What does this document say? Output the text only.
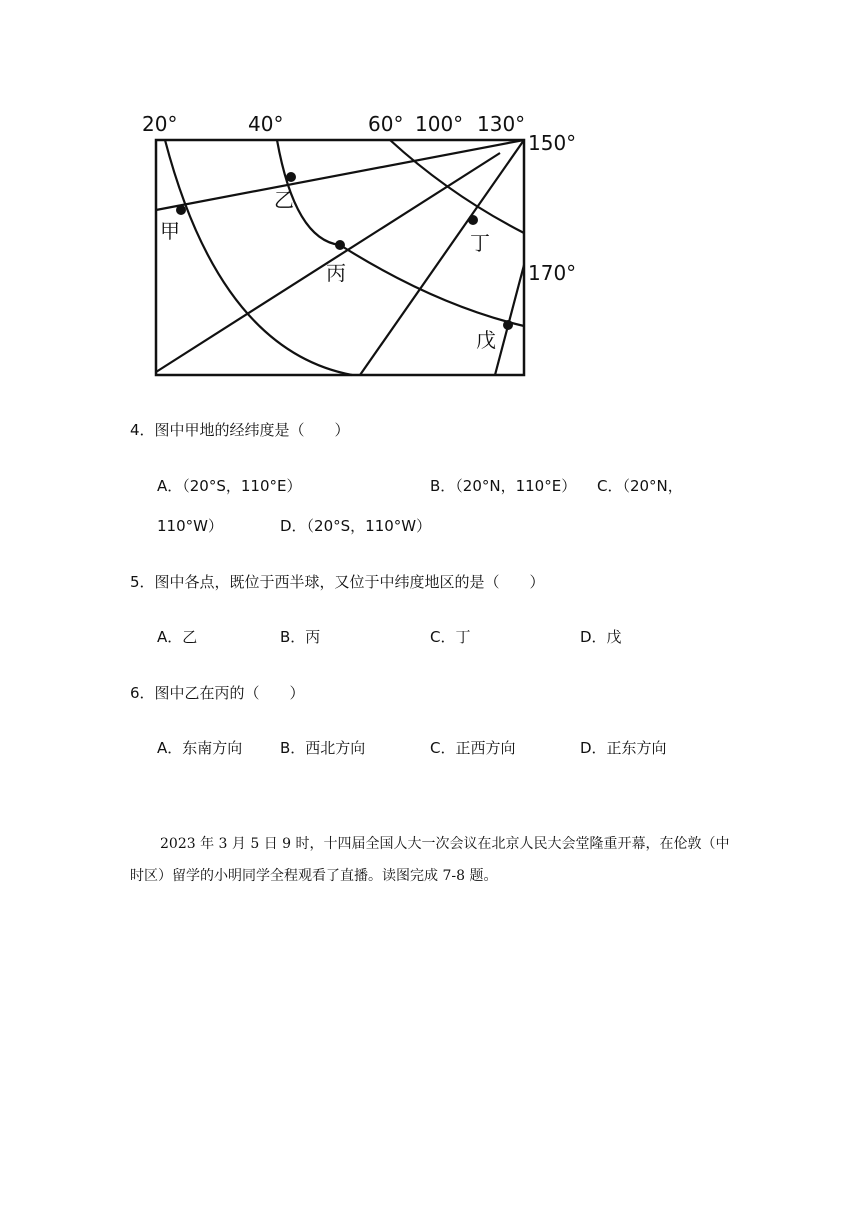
20°	40°	60° 100° 130°
150°
170°
甲
乙
丙
丁
戊
4．图中甲地的经纬度是（　　）
A．（20°S，110°E）	B．（20°N，110°E） C．（20°N，
110°W）	D．（20°S，110°W）
5．图中各点，既位于西半球，又位于中纬度地区的是（　　）
A．乙	B．丙	C．丁	D．戊
6．图中乙在丙的（　　）
A．东南方向	B．西北方向	C．正西方向	D．正东方向

2023 年 3 月 5 日 9 时，十四届全国人大一次会议在北京人民大会堂隆重开幕，在伦敦（中时区）留学的小明同学全程观看了直播。读图完成 7-8 题。
